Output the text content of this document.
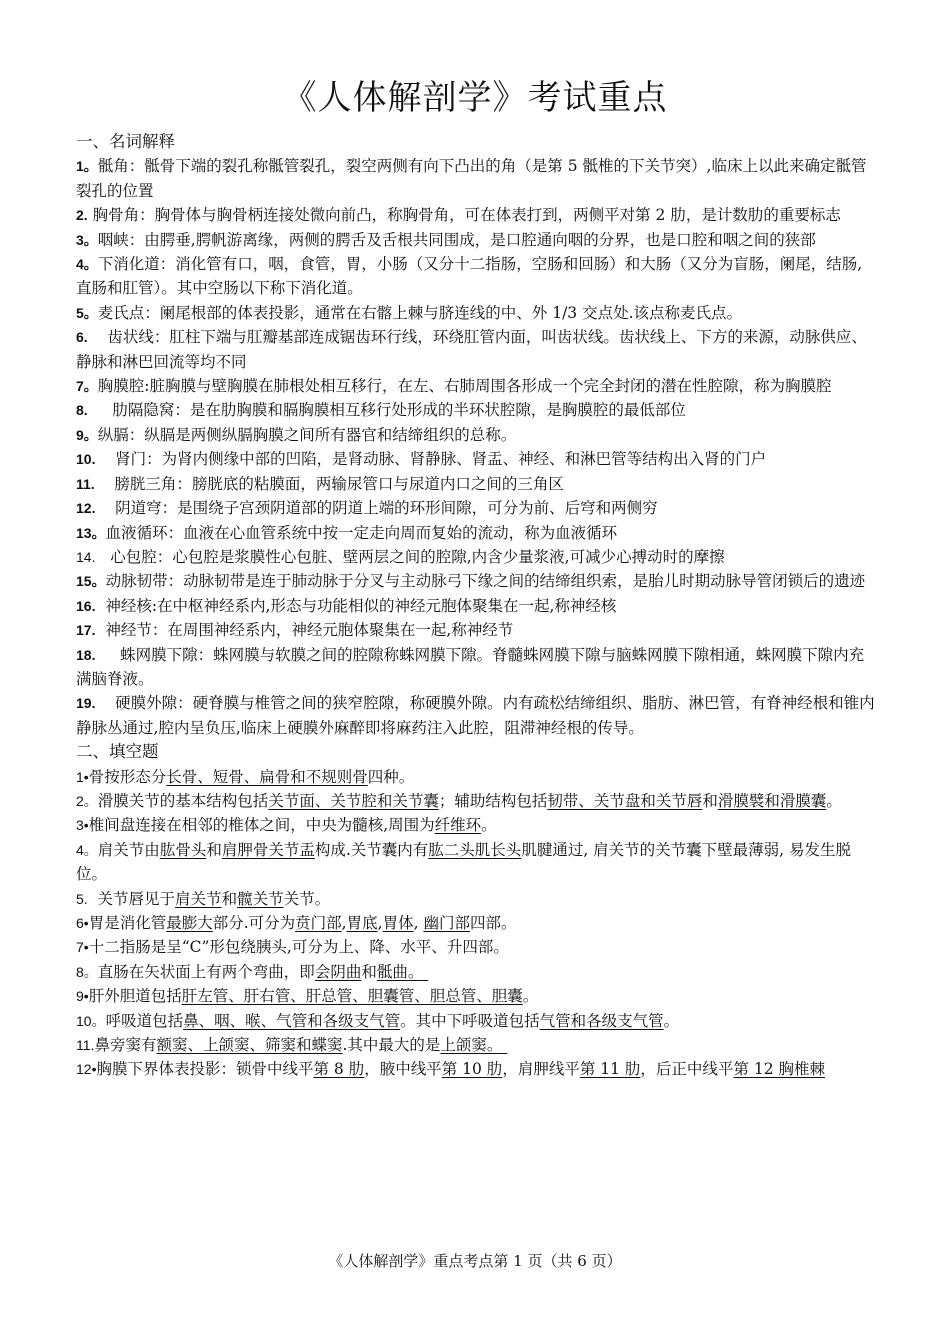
《人体解剖学》考试重点
一、名词解释

1。骶角：骶骨下端的裂孔称骶管裂孔，裂空两侧有向下凸出的角（是第 5 骶椎的下关节突）,临床上以此来确定骶管裂孔的位置

2. 胸骨角：胸骨体与胸骨柄连接处微向前凸，称胸骨角，可在体表打到，两侧平对第 2 肋，是计数肋的重要标志

3。咽峡：由腭垂,腭帆游离缘，两侧的腭舌及舌根共同围成，是口腔通向咽的分界，也是口腔和咽之间的狭部

4。下消化道：消化管有口，咽，食管，胃，小肠（又分十二指肠，空肠和回肠）和大肠（又分为盲肠，阑尾，结肠,直肠和肛管）。其中空肠以下称下消化道。

5。麦氏点：阑尾根部的体表投影，通常在右髂上棘与脐连线的中、外 1/3 交点处.该点称麦氏点。

6.    齿状线：肛柱下端与肛瓣基部连成锯齿环行线，环绕肛管内面，叫齿状线。齿状线上、下方的来源，动脉供应、静脉和淋巴回流等均不同

7。胸膜腔:脏胸膜与壁胸膜在肺根处相互移行，在左、右肺周围各形成一个完全封闭的潜在性腔隙，称为胸膜腔

8.     肋隔隐窝：是在肋胸膜和膈胸膜相互移行处形成的半环状腔隙，是胸膜腔的最低部位

9。纵膈：纵膈是两侧纵膈胸膜之间所有器官和结缔组织的总称。

10.    肾门：为肾内侧缘中部的凹陷，是肾动脉、肾静脉、肾盂、神经、和淋巴管等结构出入肾的门户

11.    膀胱三角：膀胱底的粘膜面，两输尿管口与尿道内口之间的三角区

12.    阴道穹：是围绕子宫颈阴道部的阴道上端的环形间隙，可分为前、后穹和两侧穷

13。血液循环：血液在心血管系统中按一定走向周而复始的流动，称为血液循环

14.   心包腔：心包腔是浆膜性心包脏、壁两层之间的腔隙,内含少量浆液,可减少心搏动时的摩擦

15。动脉韧带：动脉韧带是连于肺动脉于分叉与主动脉弓下缘之间的结缔组织索，是胎儿时期动脉导管闭锁后的遗迹

16.  神经核:在中枢神经系内,形态与功能相似的神经元胞体聚集在一起,称神经核

17.  神经节：在周围神经系内，神经元胞体聚集在一起,称神经节

18.     蛛网膜下隙：蛛网膜与软膜之间的腔隙称蛛网膜下隙。脊髓蛛网膜下隙与脑蛛网膜下隙相通，蛛网膜下隙内充满脑脊液。

19.    硬膜外隙：硬脊膜与椎管之间的狭窄腔隙，称硬膜外隙。内有疏松结缔组织、脂肪、淋巴管，有脊神经根和锥内静脉丛通过,腔内呈负压,临床上硬膜外麻醉即将麻药注入此腔，阻滞神经根的传导。

二、填空题

1•骨按形态分长骨、短骨、扁骨和不规则骨四种。

2。滑膜关节的基本结构包括关节面、关节腔和关节囊；辅助结构包括韧带、关节盘和关节唇和滑膜襞和滑膜囊。

3•椎间盘连接在相邻的椎体之间，中央为髓核,周围为纤维环。

4。肩关节由肱骨头和肩胛骨关节盂构成.关节囊内有肱二头肌长头肌腱通过, 肩关节的关节囊下壁最薄弱, 易发生脱位。

5.  关节唇见于肩关节和髋关节关节。

6•胃是消化管最膨大部分.可分为贲门部,胃底,胃体, 幽门部四部。

7•十二指肠是呈“C”形包绕胰头,可分为上、降、水平、升四部。

8。直肠在矢状面上有两个弯曲，即会阴曲和骶曲。

9•肝外胆道包括肝左管、肝右管、肝总管、胆囊管、胆总管、胆囊。

10。呼吸道包括鼻、咽、喉、气管和各级支气管。其中下呼吸道包括气管和各级支气管。

11.鼻旁窦有额窦、上颌窦、筛窦和蝶窦.其中最大的是上颌窦。

12•胸膜下界体表投影：锁骨中线平第 8 肋，腋中线平第 10 肋，肩胛线平第 11 肋，后正中线平第 12 胸椎棘

《人体解剖学》重点考点第 1 页（共 6 页）
